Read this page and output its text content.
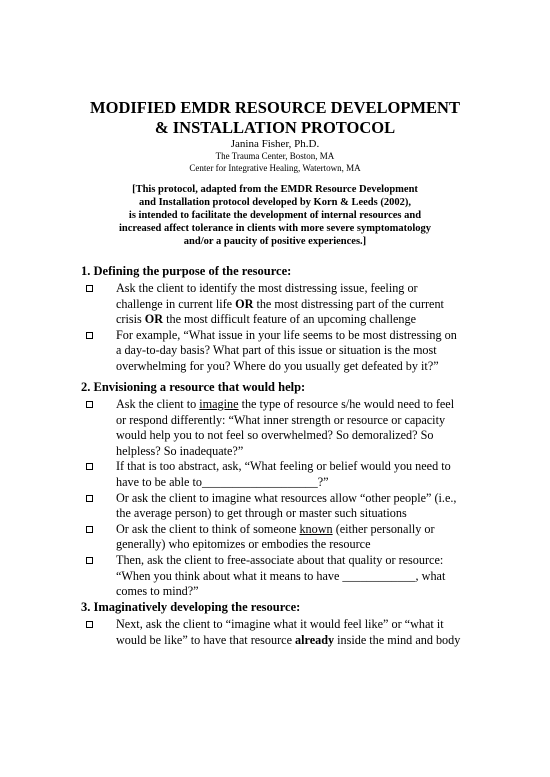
MODIFIED EMDR RESOURCE DEVELOPMENT
& INSTALLATION PROTOCOL
Janina Fisher, Ph.D.
The Trauma Center, Boston, MA
Center for Integrative Healing, Watertown, MA
[This protocol, adapted from the EMDR Resource Development
and Installation protocol developed by Korn & Leeds (2002),
is intended to facilitate the development of internal resources and
increased affect tolerance in clients with more severe symptomatology
and/or a paucity of positive experiences.]
1. Defining the purpose of the resource:
Ask the client to identify the most distressing issue, feeling or
challenge in current life OR the most distressing part of the current
crisis OR the most difficult feature of an upcoming challenge
For example, “What issue in your life seems to be most distressing on
a day-to-day basis? What part of this issue or situation is the most
overwhelming for you? Where do you usually get defeated by it?”
2. Envisioning a resource that would help:
Ask the client to imagine the type of resource s/he would need to feel
or respond differently: “What inner strength or resource or capacity
would help you to not feel so overwhelmed? So demoralized? So
helpless? So inadequate?”
If that is too abstract, ask, “What feeling or belief would you need to
have to be able to___________________?”
Or ask the client to imagine what resources allow “other people” (i.e.,
the average person) to get through or master such situations
Or ask the client to think of someone known (either personally or
generally) who epitomizes or embodies the resource
Then, ask the client to free-associate about that quality or resource:
“When you think about what it means to have ____________, what
comes to mind?”
3. Imaginatively developing the resource:
Next, ask the client to “imagine what it would feel like” or “what it
would be like” to have that resource already inside the mind and body
